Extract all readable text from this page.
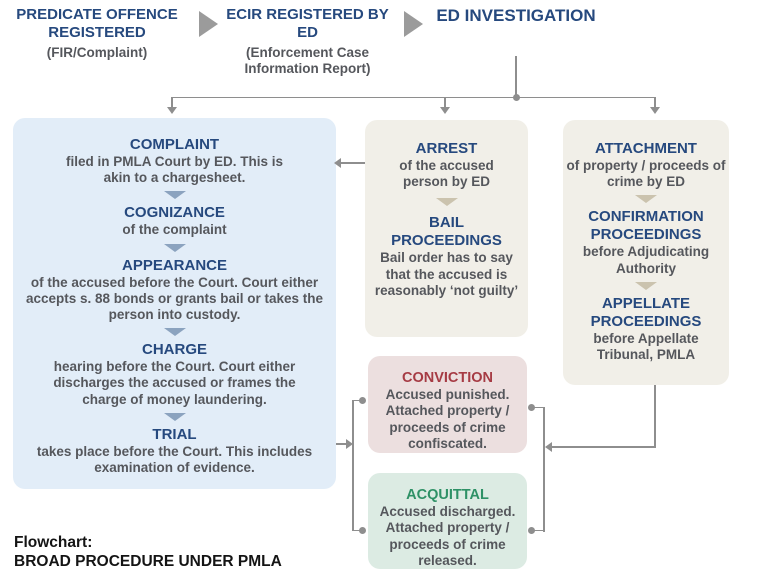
PREDICATE OFFENCE REGISTERED
(FIR/Complaint)
ECIR REGISTERED BY ED
(Enforcement Case Information Report)
ED INVESTIGATION
COMPLAINT
filed in PMLA Court by ED. This is akin to a chargesheet.
COGNIZANCE
of the complaint
APPEARANCE
of the accused before the Court. Court either accepts s. 88 bonds or grants bail or takes the person into custody.
CHARGE
hearing before the Court. Court either discharges the accused or frames the charge of money laundering.
TRIAL
takes place before the Court. This includes examination of evidence.
ARREST
of the accused person by ED
BAIL PROCEEDINGS
Bail order has to say that the accused is reasonably ‘not guilty’
ATTACHMENT
of property / proceeds of crime by ED
CONFIRMATION PROCEEDINGS
before Adjudicating Authority
APPELLATE PROCEEDINGS
before Appellate Tribunal, PMLA
CONVICTION
Accused punished. Attached property / proceeds of crime confiscated.
ACQUITTAL
Accused discharged. Attached property / proceeds of crime released.
Flowchart:
BROAD PROCEDURE UNDER PMLA
